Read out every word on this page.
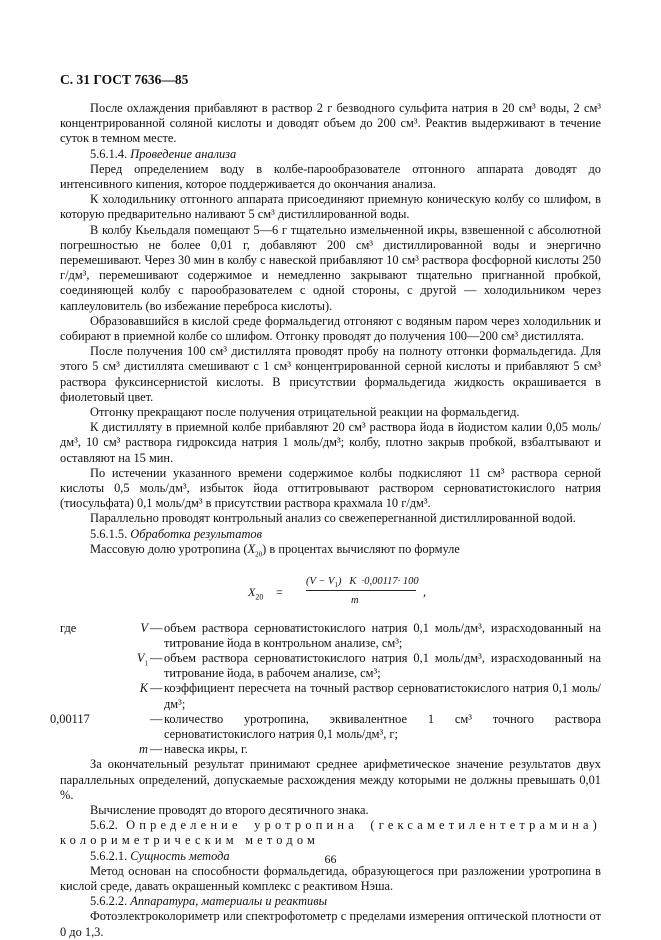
С. 31 ГОСТ 7636—85

После охлаждения прибавляют в раствор 2 г безводного сульфита натрия в 20 см³ воды, 2 см³ концентрированной соляной кислоты и доводят объем до 200 см³. Реактив выдерживают в течение суток в темном месте.

5.6.1.4. Проведение анализа

Перед определением воду в колбе-парообразователе отгонного аппарата доводят до интенсивного кипения, которое поддерживается до окончания анализа.

К холодильнику отгонного аппарата присоединяют приемную коническую колбу со шлифом, в которую предварительно наливают 5 см³ дистиллированной воды.

В колбу Кьельдаля помещают 5—6 г тщательно измельченной икры, взвешенной с абсолютной погрешностью не более 0,01 г, добавляют 200 см³ дистиллированной воды и энергично перемешивают. Через 30 мин в колбу с навеской прибавляют 10 см³ раствора фосфорной кислоты 250 г/дм³, перемешивают содержимое и немедленно закрывают тщательно пригнанной пробкой, соединяющей колбу с парообразователем с одной стороны, с другой — холодильником через каплеуловитель (во избежание переброса кислоты).

Образовавшийся в кислой среде формальдегид отгоняют с водяным паром через холодильник и собирают в приемной колбе со шлифом. Отгонку проводят до получения 100—200 см³ дистиллята.

После получения 100 см³ дистиллята проводят пробу на полноту отгонки формальдегида. Для этого 5 см³ дистиллята смешивают с 1 см³ концентрированной серной кислоты и прибавляют 5 см³ раствора фуксинсернистой кислоты. В присутствии формальдегида жидкость окрашивается в фиолетовый цвет.

Отгонку прекращают после получения отрицательной реакции на формальдегид.

К дистилляту в приемной колбе прибавляют 20 см³ раствора йода в йодистом калии 0,05 моль/дм³, 10 см³ раствора гидроксида натрия 1 моль/дм³; колбу, плотно закрыв пробкой, взбалтывают и оставляют на 15 мин.

По истечении указанного времени содержимое колбы подкисляют 11 см³ раствора серной кислоты 0,5 моль/дм³, избыток йода оттитровывают раствором серноватистокислого натрия (тиосульфата) 0,1 моль/дм³ в присутствии раствора крахмала 10 г/дм³.

Параллельно проводят контрольный анализ со свежеперегнанной дистиллированной водой.

5.6.1.5. Обработка результатов

Массовую долю уротропина $(X_{20})$ в процентах вычисляют по формуле

$X_{20}$ =
$(V - V_1)$   K  ·0,00117· 100
m
,
где	V — объем раствора серноватистокислого натрия 0,1 моль/дм³, израсходованный на титрование йода в контрольном анализе, см³;
$V_1$ — объем раствора серноватистокислого натрия 0,1 моль/дм³, израсходованный на титрование йода, в рабочем анализе, см³;
K — коэффициент пересчета на точный раствор серноватистокислого натрия 0,1 моль/дм³;
0,00117	— количество уротропина, эквивалентное 1 см³ точного раствора серноватистокислого натрия 0,1 моль/дм³, г;
m — навеска икры, г.

За окончательный результат принимают среднее арифметическое значение результатов двух параллельных определений, допускаемые расхождения между которыми не должны превышать 0,01 %.

Вычисление проводят до второго десятичного знака.

5.6.2. Определение уротропина (гексаметилентетрамина) колориметрическим методом

5.6.2.1. Сущность метода

Метод основан на способности формальдегида, образующегося при разложении уротропина в кислой среде, давать окрашенный комплекс с реактивом Нэша.

5.6.2.2. Аппаратура, материалы и реактивы

Фотоэлектроколориметр или спектрофотометр с пределами измерения оптической плотности от 0 до 1,3.

66
